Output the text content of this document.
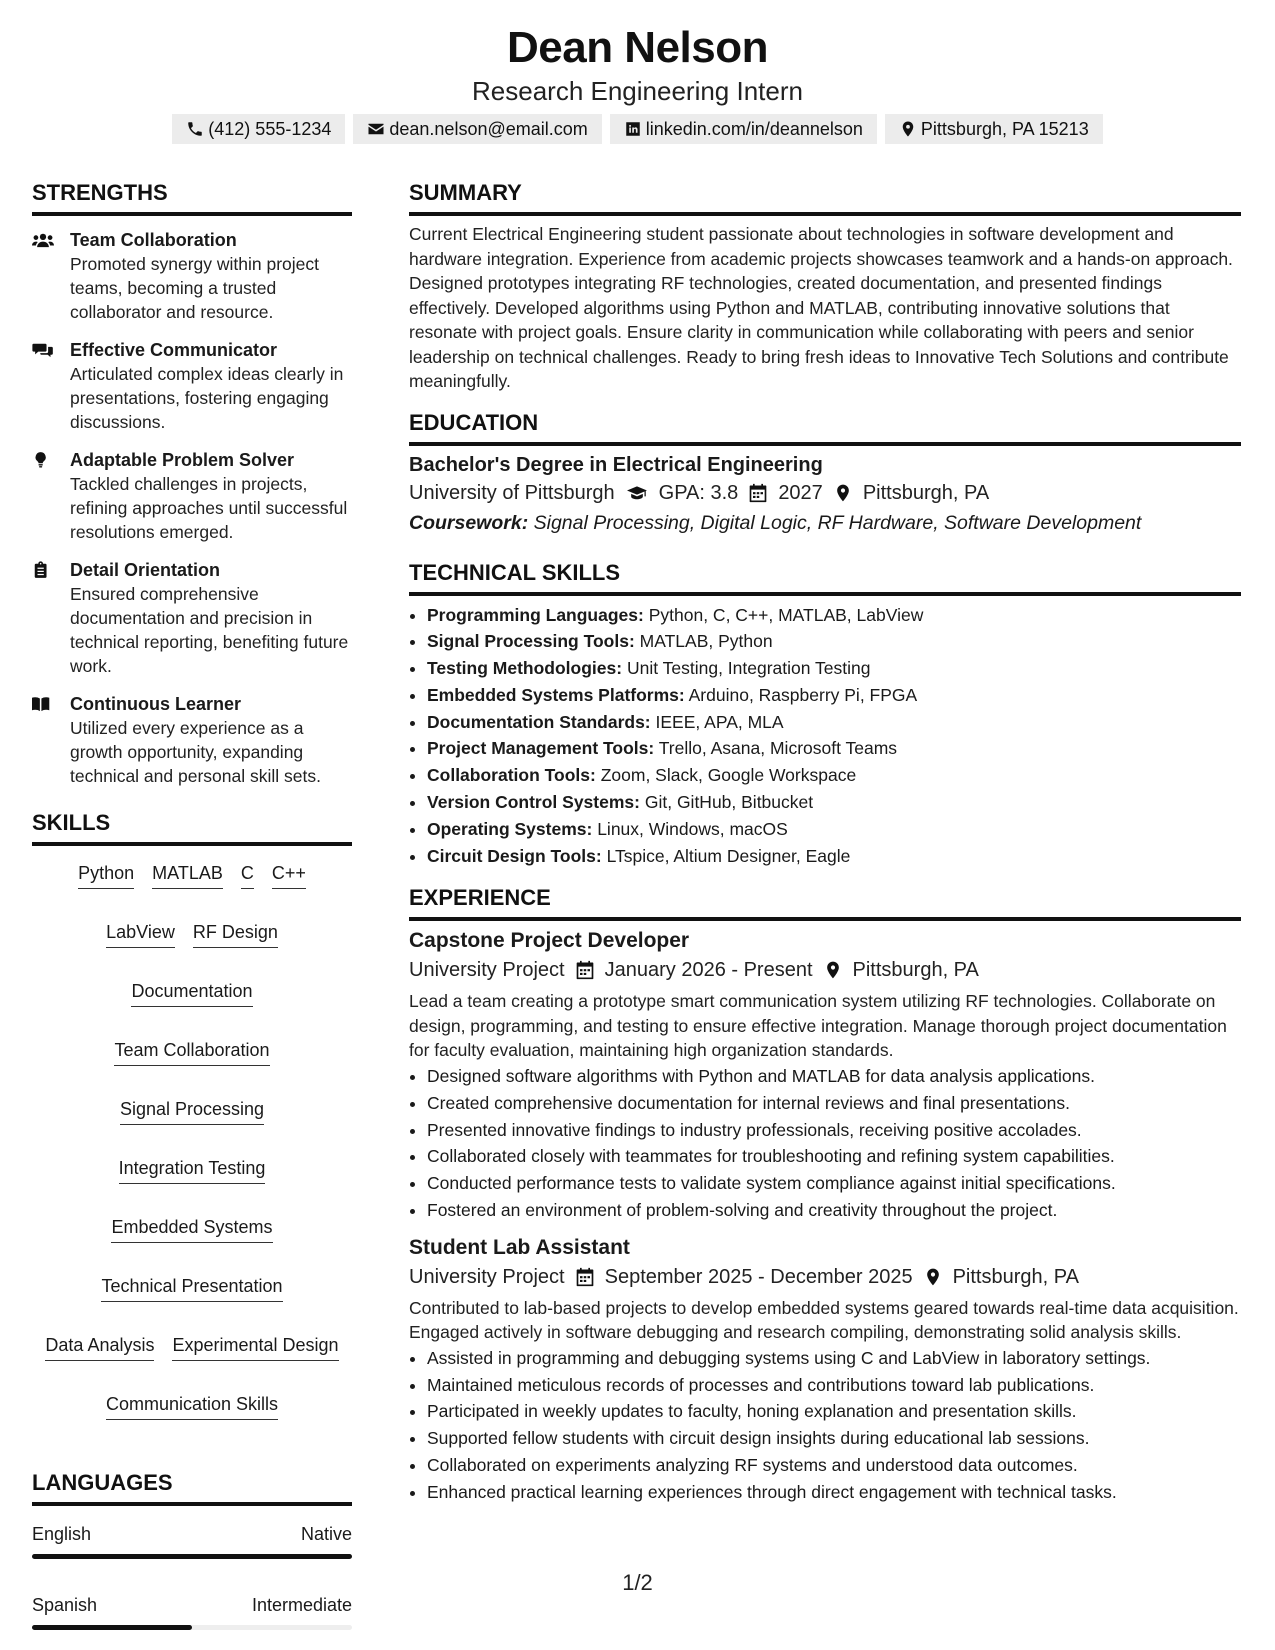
Dean Nelson
Research Engineering Intern
(412) 555-1234	dean.nelson@email.com	linkedin.com/in/deannelson	Pittsburgh, PA 15213
STRENGTHS
Team Collaboration
Promoted synergy within project teams, becoming a trusted collaborator and resource.
Effective Communicator
Articulated complex ideas clearly in presentations, fostering engaging discussions.
Adaptable Problem Solver
Tackled challenges in projects, refining approaches until successful resolutions emerged.
Detail Orientation
Ensured comprehensive documentation and precision in technical reporting, benefiting future work.
Continuous Learner
Utilized every experience as a growth opportunity, expanding technical and personal skill sets.
SKILLS
Python MATLAB C C++
LabView RF Design
Documentation
Team Collaboration
Signal Processing
Integration Testing
Embedded Systems
Technical Presentation
Data Analysis Experimental Design
Communication Skills
LANGUAGES
English	Native
Spanish	Intermediate
SUMMARY
Current Electrical Engineering student passionate about technologies in software development and hardware integration. Experience from academic projects showcases teamwork and a hands-on approach. Designed prototypes integrating RF technologies, created documentation, and presented findings effectively. Developed algorithms using Python and MATLAB, contributing innovative solutions that resonate with project goals. Ensure clarity in communication while collaborating with peers and senior leadership on technical challenges. Ready to bring fresh ideas to Innovative Tech Solutions and contribute meaningfully.
EDUCATION
Bachelor's Degree in Electrical Engineering
University of Pittsburgh GPA: 3.8 2027 Pittsburgh, PA
Coursework: Signal Processing, Digital Logic, RF Hardware, Software Development
TECHNICAL SKILLS
• Programming Languages: Python, C, C++, MATLAB, LabView
• Signal Processing Tools: MATLAB, Python
• Testing Methodologies: Unit Testing, Integration Testing
• Embedded Systems Platforms: Arduino, Raspberry Pi, FPGA
• Documentation Standards: IEEE, APA, MLA
• Project Management Tools: Trello, Asana, Microsoft Teams
• Collaboration Tools: Zoom, Slack, Google Workspace
• Version Control Systems: Git, GitHub, Bitbucket
• Operating Systems: Linux, Windows, macOS
• Circuit Design Tools: LTspice, Altium Designer, Eagle
EXPERIENCE
Capstone Project Developer
University Project January 2026 - Present Pittsburgh, PA
Lead a team creating a prototype smart communication system utilizing RF technologies. Collaborate on design, programming, and testing to ensure effective integration. Manage thorough project documentation for faculty evaluation, maintaining high organization standards.
• Designed software algorithms with Python and MATLAB for data analysis applications.
• Created comprehensive documentation for internal reviews and final presentations.
• Presented innovative findings to industry professionals, receiving positive accolades.
• Collaborated closely with teammates for troubleshooting and refining system capabilities.
• Conducted performance tests to validate system compliance against initial specifications.
• Fostered an environment of problem-solving and creativity throughout the project.
Student Lab Assistant
University Project September 2025 - December 2025 Pittsburgh, PA
Contributed to lab-based projects to develop embedded systems geared towards real-time data acquisition. Engaged actively in software debugging and research compiling, demonstrating solid analysis skills.
• Assisted in programming and debugging systems using C and LabView in laboratory settings.
• Maintained meticulous records of processes and contributions toward lab publications.
• Participated in weekly updates to faculty, honing explanation and presentation skills.
• Supported fellow students with circuit design insights during educational lab sessions.
• Collaborated on experiments analyzing RF systems and understood data outcomes.
• Enhanced practical learning experiences through direct engagement with technical tasks.
1/2
